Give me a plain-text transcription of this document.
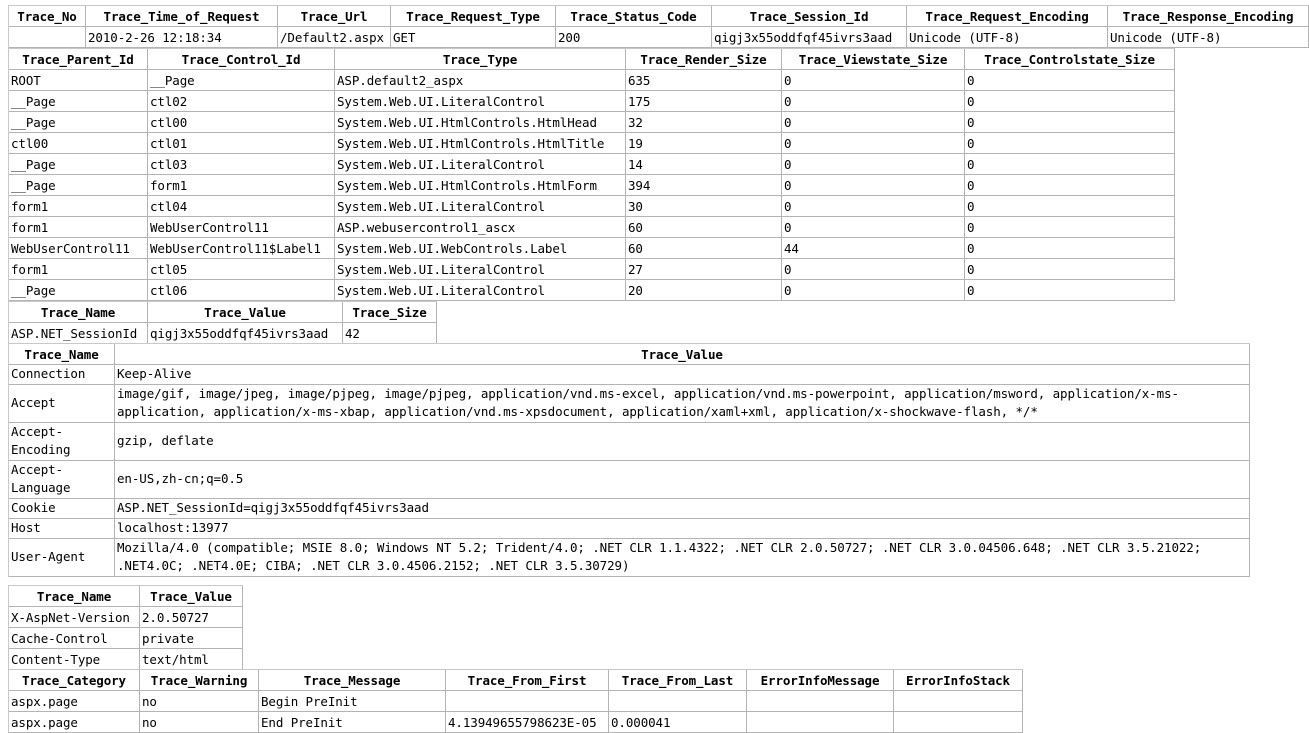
Trace_No	Trace_Time_of_Request	Trace_Url	Trace_Request_Type	Trace_Status_Code	Trace_Session_Id	Trace_Request_Encoding	Trace_Response_Encoding
	2010-2-26 12:18:34	/Default2.aspx	GET	200	qigj3x55oddfqf45ivrs3aad	Unicode (UTF-8)	Unicode (UTF-8)
Trace_Parent_Id	Trace_Control_Id	Trace_Type	Trace_Render_Size	Trace_Viewstate_Size	Trace_Controlstate_Size
ROOT	__Page	ASP.default2_aspx	635	0	0
__Page	ctl02	System.Web.UI.LiteralControl	175	0	0
__Page	ctl00	System.Web.UI.HtmlControls.HtmlHead	32	0	0
ctl00	ctl01	System.Web.UI.HtmlControls.HtmlTitle	19	0	0
__Page	ctl03	System.Web.UI.LiteralControl	14	0	0
__Page	form1	System.Web.UI.HtmlControls.HtmlForm	394	0	0
form1	ctl04	System.Web.UI.LiteralControl	30	0	0
form1	WebUserControl11	ASP.webusercontrol1_ascx	60	0	0
WebUserControl11	WebUserControl11$Label1	System.Web.UI.WebControls.Label	60	44	0
form1	ctl05	System.Web.UI.LiteralControl	27	0	0
__Page	ctl06	System.Web.UI.LiteralControl	20	0	0
Trace_Name	Trace_Value	Trace_Size
ASP.NET_SessionId	qigj3x55oddfqf45ivrs3aad	42
Trace_Name	Trace_Value
Connection	Keep-Alive
Accept	image/gif, image/jpeg, image/pjpeg, image/pjpeg, application/vnd.ms-excel, application/vnd.ms-powerpoint, application/msword, application/x-ms-application, application/x-ms-xbap, application/vnd.ms-xpsdocument, application/xaml+xml, application/x-shockwave-flash, */*
Accept-Encoding	gzip, deflate
Accept-Language	en-US,zh-cn;q=0.5
Cookie	ASP.NET_SessionId=qigj3x55oddfqf45ivrs3aad
Host	localhost:13977
User-Agent	Mozilla/4.0 (compatible; MSIE 8.0; Windows NT 5.2; Trident/4.0; .NET CLR 1.1.4322; .NET CLR 2.0.50727; .NET CLR 3.0.04506.648; .NET CLR 3.5.21022; .NET4.0C; .NET4.0E; CIBA; .NET CLR 3.0.4506.2152; .NET CLR 3.5.30729)
Trace_Name	Trace_Value
X-AspNet-Version	2.0.50727
Cache-Control	private
Content-Type	text/html
Trace_Category	Trace_Warning	Trace_Message	Trace_From_First	Trace_From_Last	ErrorInfoMessage	ErrorInfoStack
aspx.page	no	Begin PreInit				
aspx.page	no	End PreInit	4.13949655798623E-05	0.000041		
